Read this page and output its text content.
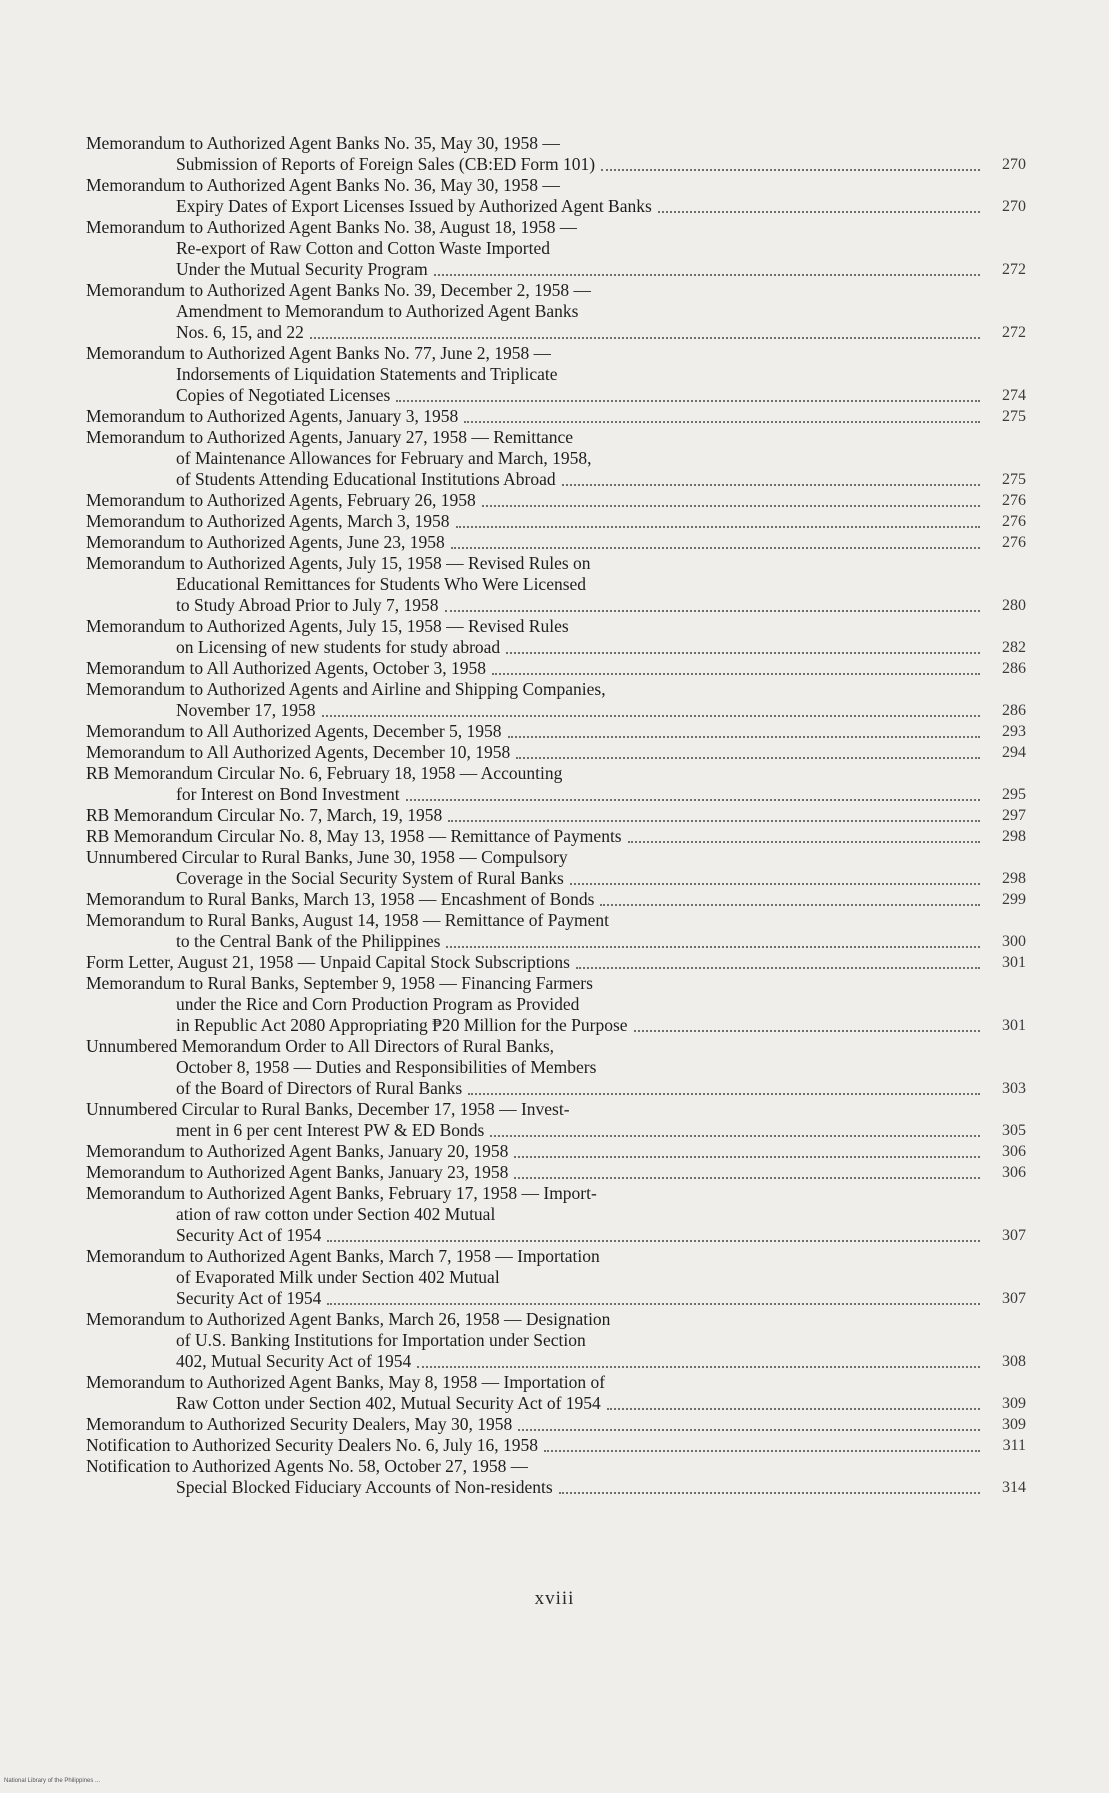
Memorandum to Authorized Agent Banks No. 35, May 30, 1958 —
Submission of Reports of Foreign Sales (CB:ED Form 101)	270
Memorandum to Authorized Agent Banks No. 36, May 30, 1958 —
Expiry Dates of Export Licenses Issued by Authorized Agent Banks	270
Memorandum to Authorized Agent Banks No. 38, August 18, 1958 —
Re-export of Raw Cotton and Cotton Waste Imported
Under the Mutual Security Program	272
Memorandum to Authorized Agent Banks No. 39, December 2, 1958 —
Amendment to Memorandum to Authorized Agent Banks
Nos. 6, 15, and 22	272
Memorandum to Authorized Agent Banks No. 77, June 2, 1958 —
Indorsements of Liquidation Statements and Triplicate
Copies of Negotiated Licenses	274
Memorandum to Authorized Agents, January 3, 1958	275
Memorandum to Authorized Agents, January 27, 1958 — Remittance
of Maintenance Allowances for February and March, 1958,
of Students Attending Educational Institutions Abroad	275
Memorandum to Authorized Agents, February 26, 1958	276
Memorandum to Authorized Agents, March 3, 1958	276
Memorandum to Authorized Agents, June 23, 1958	276
Memorandum to Authorized Agents, July 15, 1958 — Revised Rules on
Educational Remittances for Students Who Were Licensed
to Study Abroad Prior to July 7, 1958	280
Memorandum to Authorized Agents, July 15, 1958 — Revised Rules
on Licensing of new students for study abroad	282
Memorandum to All Authorized Agents, October 3, 1958	286
Memorandum to Authorized Agents and Airline and Shipping Companies,
November 17, 1958	286
Memorandum to All Authorized Agents, December 5, 1958	293
Memorandum to All Authorized Agents, December 10, 1958	294
RB Memorandum Circular No. 6, February 18, 1958 — Accounting
for Interest on Bond Investment	295
RB Memorandum Circular No. 7, March, 19, 1958	297
RB Memorandum Circular No. 8, May 13, 1958 — Remittance of Payments	298
Unnumbered Circular to Rural Banks, June 30, 1958 — Compulsory
Coverage in the Social Security System of Rural Banks	298
Memorandum to Rural Banks, March 13, 1958 — Encashment of Bonds	299
Memorandum to Rural Banks, August 14, 1958 — Remittance of Payment
to the Central Bank of the Philippines	300
Form Letter, August 21, 1958 — Unpaid Capital Stock Subscriptions	301
Memorandum to Rural Banks, September 9, 1958 — Financing Farmers
under the Rice and Corn Production Program as Provided
in Republic Act 2080 Appropriating ₱20 Million for the Purpose	301
Unnumbered Memorandum Order to All Directors of Rural Banks,
October 8, 1958 — Duties and Responsibilities of Members
of the Board of Directors of Rural Banks	303
Unnumbered Circular to Rural Banks, December 17, 1958 — Invest-
ment in 6 per cent Interest PW & ED Bonds	305
Memorandum to Authorized Agent Banks, January 20, 1958	306
Memorandum to Authorized Agent Banks, January 23, 1958	306
Memorandum to Authorized Agent Banks, February 17, 1958 — Import-
ation of raw cotton under Section 402 Mutual
Security Act of 1954	307
Memorandum to Authorized Agent Banks, March 7, 1958 — Importation
of Evaporated Milk under Section 402 Mutual
Security Act of 1954	307
Memorandum to Authorized Agent Banks, March 26, 1958 — Designation
of U.S. Banking Institutions for Importation under Section
402, Mutual Security Act of 1954	308
Memorandum to Authorized Agent Banks, May 8, 1958 — Importation of
Raw Cotton under Section 402, Mutual Security Act of 1954	309
Memorandum to Authorized Security Dealers, May 30, 1958	309
Notification to Authorized Security Dealers No. 6, July 16, 1958	311
Notification to Authorized Agents No. 58, October 27, 1958 —
Special Blocked Fiduciary Accounts of Non-residents	314
xviii
National Library of the Philippines ...
